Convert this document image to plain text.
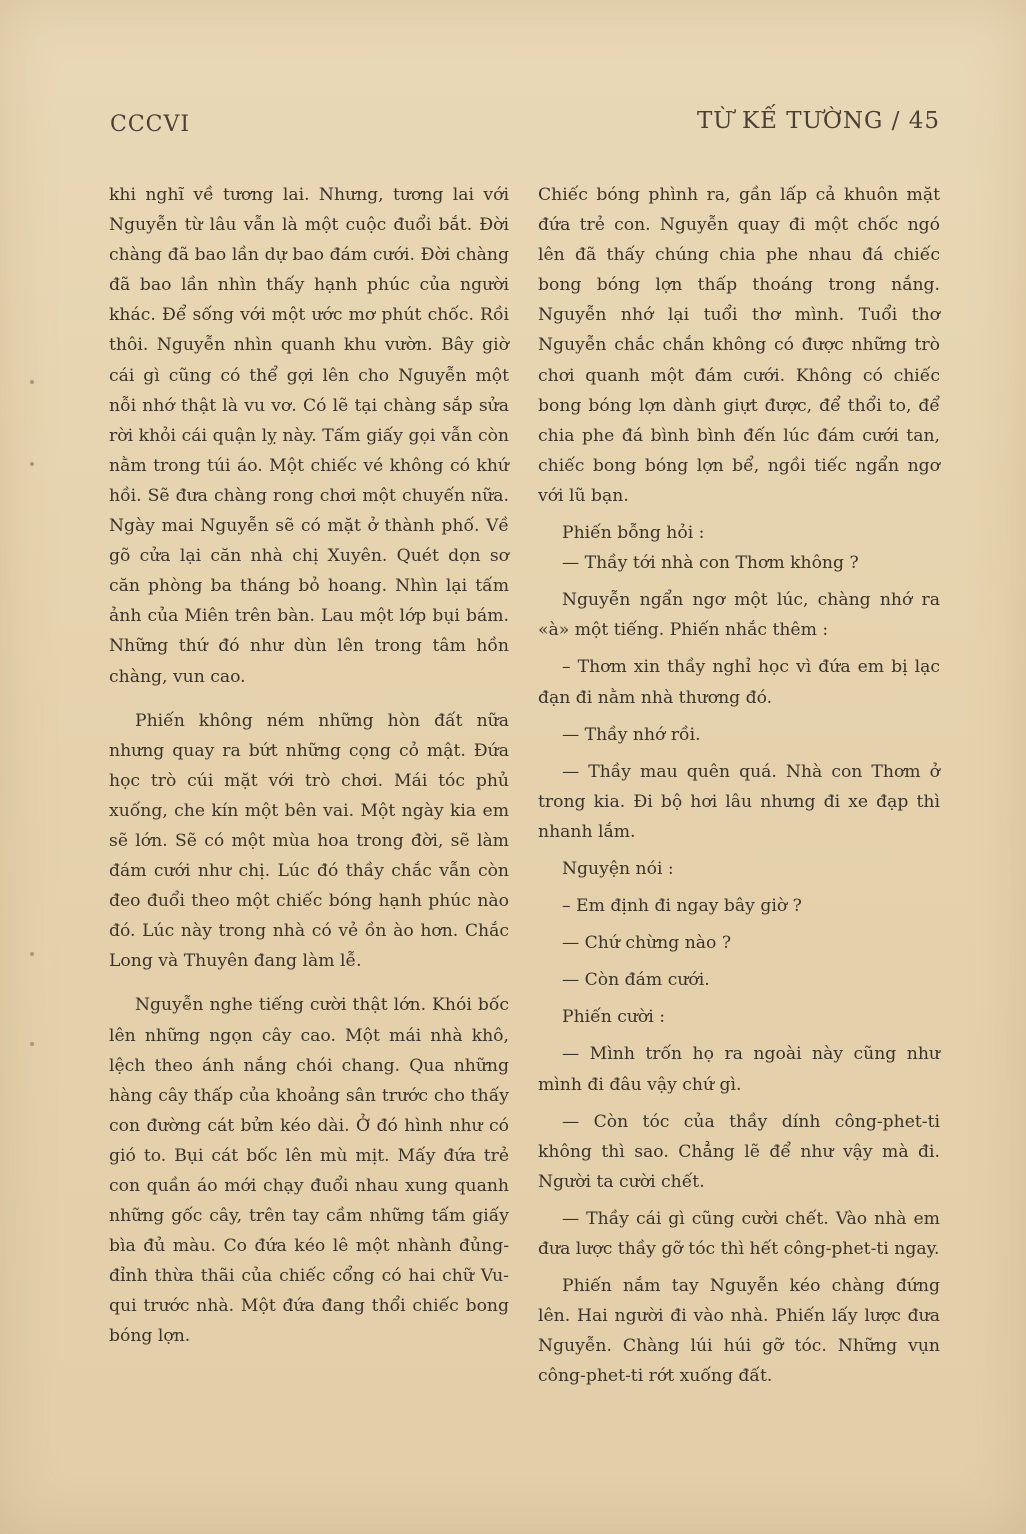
CCCVI	TỪ KẾ TƯỜNG / 45

khi nghĩ về tương lai. Nhưng, tương lai với Nguyễn từ lâu vẫn là một cuộc đuổi bắt. Đời chàng đã bao lần dự bao đám cưới. Đời chàng đã bao lần nhìn thấy hạnh phúc của người khác. Để sống với một ước mơ phút chốc. Rồi thôi. Nguyễn nhìn quanh khu vườn. Bây giờ cái gì cũng có thể gợi lên cho Nguyễn một nỗi nhớ thật là vu vơ. Có lẽ tại chàng sắp sửa rời khỏi cái quận lỵ này. Tấm giấy gọi vẫn còn nằm trong túi áo. Một chiếc vé không có khứ hồi. Sẽ đưa chàng rong chơi một chuyến nữa. Ngày mai Nguyễn sẽ có mặt ở thành phố. Về gõ cửa lại căn nhà chị Xuyên. Quét dọn sơ căn phòng ba tháng bỏ hoang. Nhìn lại tấm ảnh của Miên trên bàn. Lau một lớp bụi bám. Những thứ đó như dùn lên trong tâm hồn chàng, vun cao.

Phiến không ném những hòn đất nữa nhưng quay ra bứt những cọng cỏ mật. Đứa học trò cúi mặt với trò chơi. Mái tóc phủ xuống, che kín một bên vai. Một ngày kia em sẽ lớn. Sẽ có một mùa hoa trong đời, sẽ làm đám cưới như chị. Lúc đó thầy chắc vẫn còn đeo đuổi theo một chiếc bóng hạnh phúc nào đó. Lúc này trong nhà có vẻ ồn ào hơn. Chắc Long và Thuyên đang làm lễ.

Nguyễn nghe tiếng cười thật lớn. Khói bốc lên những ngọn cây cao. Một mái nhà khô, lệch theo ánh nắng chói chang. Qua những hàng cây thấp của khoảng sân trước cho thấy con đường cát bửn kéo dài. Ở đó hình như có gió to. Bụi cát bốc lên mù mịt. Mấy đứa trẻ con quần áo mới chạy đuổi nhau xung quanh những gốc cây, trên tay cầm những tấm giấy bìa đủ màu. Co đứa kéo lê một nhành đủng-đỉnh thừa thãi của chiếc cổng có hai chữ Vu-qui trước nhà. Một đứa đang thổi chiếc bong bóng lợn.

Chiếc bóng phình ra, gần lấp cả khuôn mặt đứa trẻ con. Nguyễn quay đi một chốc ngó lên đã thấy chúng chia phe nhau đá chiếc bong bóng lợn thấp thoáng trong nắng. Nguyễn nhớ lại tuổi thơ mình. Tuổi thơ Nguyễn chắc chắn không có được những trò chơi quanh một đám cưới. Không có chiếc bong bóng lợn dành giựt được, để thổi to, để chia phe đá bình bình đến lúc đám cưới tan, chiếc bong bóng lợn bể, ngồi tiếc ngẩn ngơ với lũ bạn.

Phiến bỗng hỏi :

— Thầy tới nhà con Thơm không ?

Nguyễn ngẩn ngơ một lúc, chàng nhớ ra «à» một tiếng. Phiến nhắc thêm :

– Thơm xin thầy nghỉ học vì đứa em bị lạc đạn đi nằm nhà thương đó.

— Thầy nhớ rồi.

— Thầy mau quên quá. Nhà con Thơm ở trong kia. Đi bộ hơi lâu nhưng đi xe đạp thì nhanh lắm.

Nguyện nói :

– Em định đi ngay bây giờ ?

— Chứ chừng nào ?

— Còn đám cưới.

Phiến cười :

— Mình trốn họ ra ngoài này cũng như mình đi đâu vậy chứ gì.

— Còn tóc của thầy dính công-phet-ti không thì sao. Chẳng lẽ để như vậy mà đi. Người ta cười chết.

— Thầy cái gì cũng cười chết. Vào nhà em đưa lược thầy gỡ tóc thì hết công-phet-ti ngay.

Phiến nắm tay Nguyễn kéo chàng đứng lên. Hai người đi vào nhà. Phiến lấy lược đưa Nguyễn. Chàng lúi húi gỡ tóc. Những vụn công-phet-ti rớt xuống đất.
